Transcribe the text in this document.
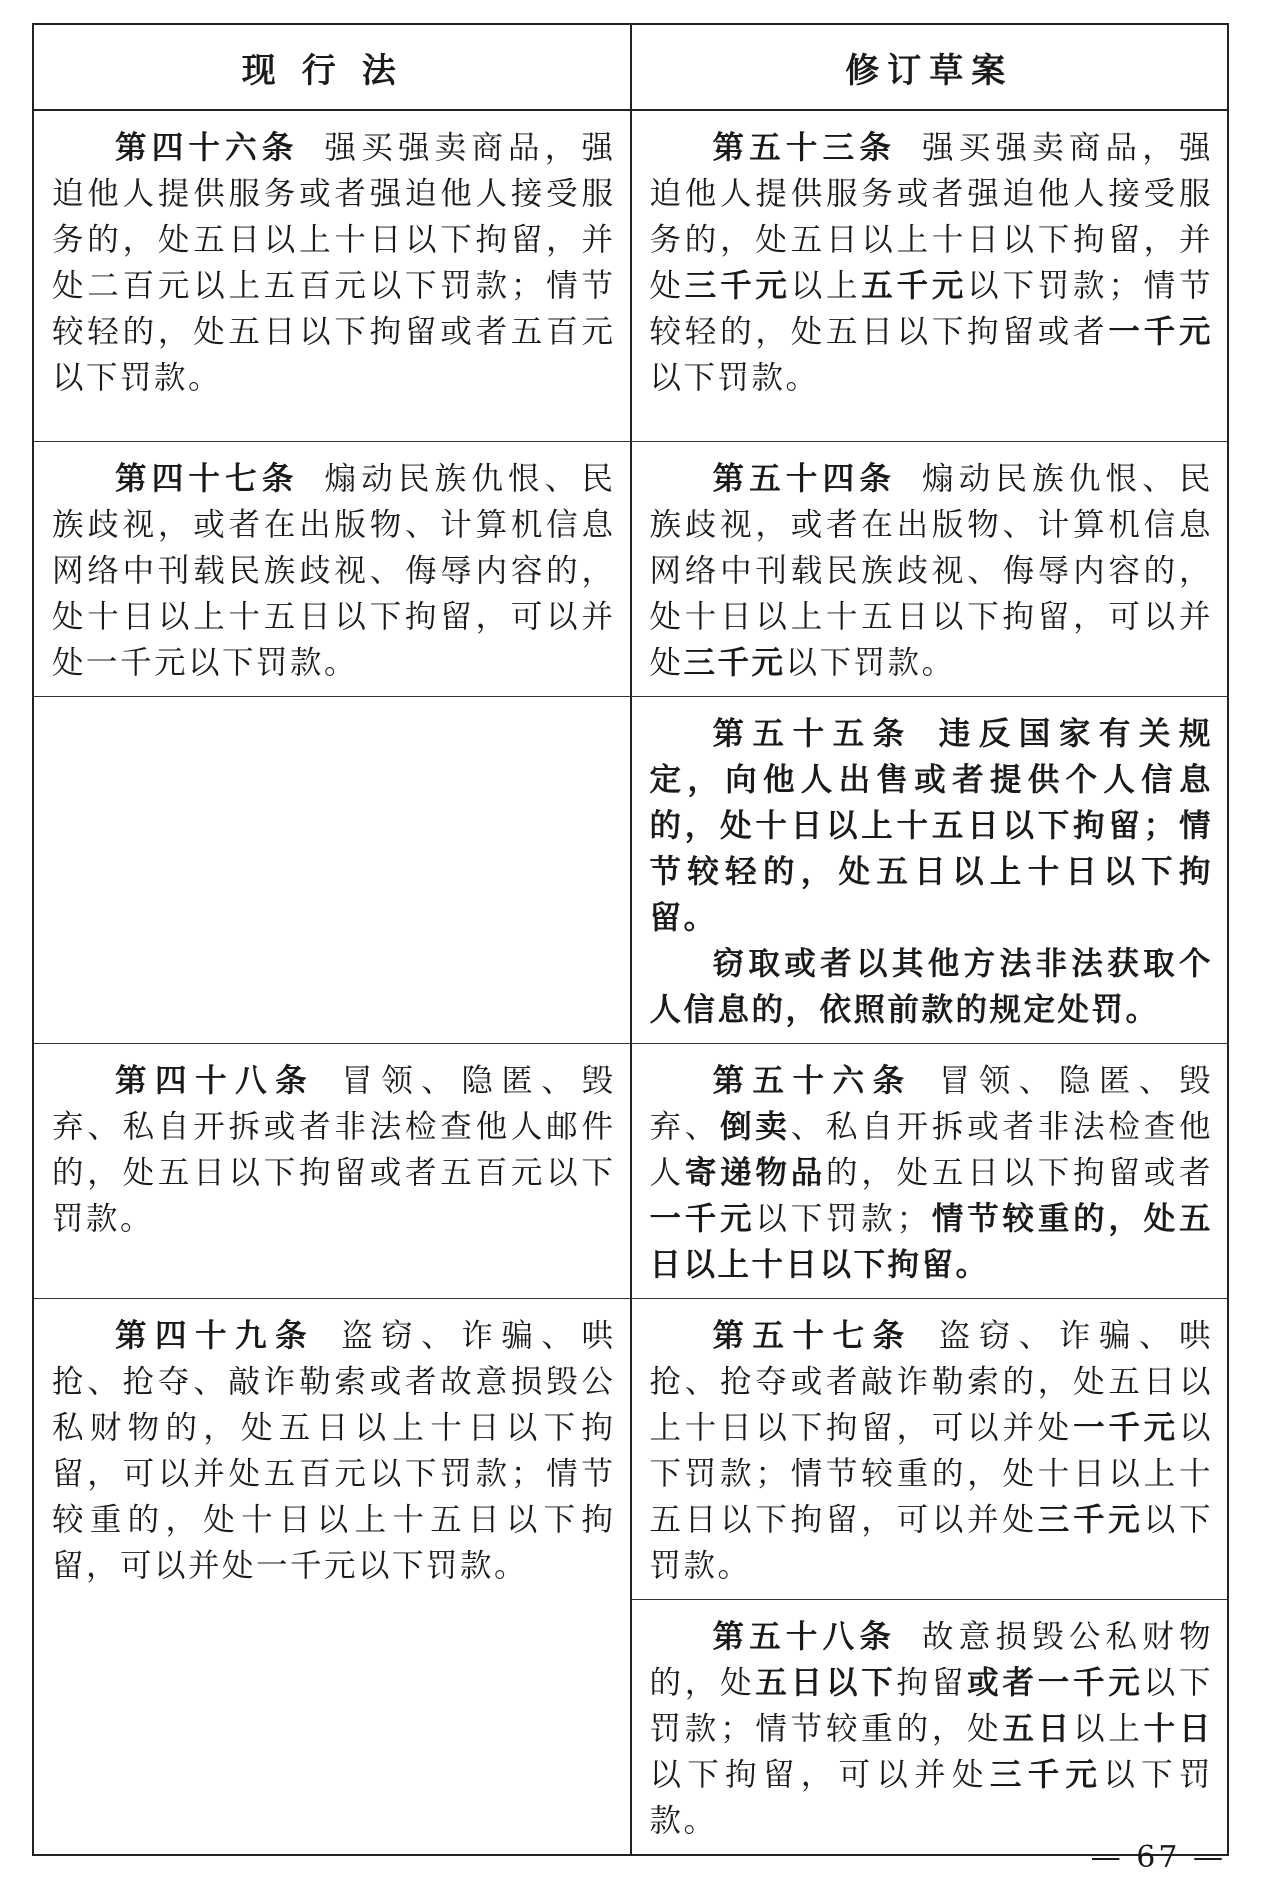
现行法	修订草案

第四十六条 强买强卖商品，强迫他人提供服务或者强迫他人接受服务的，处五日以上十日以下拘留，并处二百元以上五百元以下罚款；情节较轻的，处五日以下拘留或者五百元以下罚款。

第五十三条 强买强卖商品，强迫他人提供服务或者强迫他人接受服务的，处五日以上十日以下拘留，并处三千元以上五千元以下罚款；情节较轻的，处五日以下拘留或者一千元以下罚款。

第四十七条 煽动民族仇恨、民族歧视，或者在出版物、计算机信息网络中刊载民族歧视、侮辱内容的，处十日以上十五日以下拘留，可以并处一千元以下罚款。

第五十四条 煽动民族仇恨、民族歧视，或者在出版物、计算机信息网络中刊载民族歧视、侮辱内容的，处十日以上十五日以下拘留，可以并处三千元以下罚款。

第五十五条 违反国家有关规定，向他人出售或者提供个人信息的，处十日以上十五日以下拘留；情节较轻的，处五日以上十日以下拘留。

窃取或者以其他方法非法获取个人信息的，依照前款的规定处罚。

第四十八条 冒领、隐匿、毁弃、私自开拆或者非法检查他人邮件的，处五日以下拘留或者五百元以下罚款。

第五十六条 冒领、隐匿、毁弃、倒卖、私自开拆或者非法检查他人寄递物品的，处五日以下拘留或者一千元以下罚款；情节较重的，处五日以上十日以下拘留。

第四十九条 盗窃、诈骗、哄抢、抢夺、敲诈勒索或者故意损毁公私财物的，处五日以上十日以下拘留，可以并处五百元以下罚款；情节较重的，处十日以上十五日以下拘留，可以并处一千元以下罚款。

第五十七条 盗窃、诈骗、哄抢、抢夺或者敲诈勒索的，处五日以上十日以下拘留，可以并处一千元以下罚款；情节较重的，处十日以上十五日以下拘留，可以并处三千元以下罚款。

第五十八条 故意损毁公私财物的，处五日以下拘留或者一千元以下罚款；情节较重的，处五日以上十日以下拘留，可以并处三千元以下罚款。

— 67 —
